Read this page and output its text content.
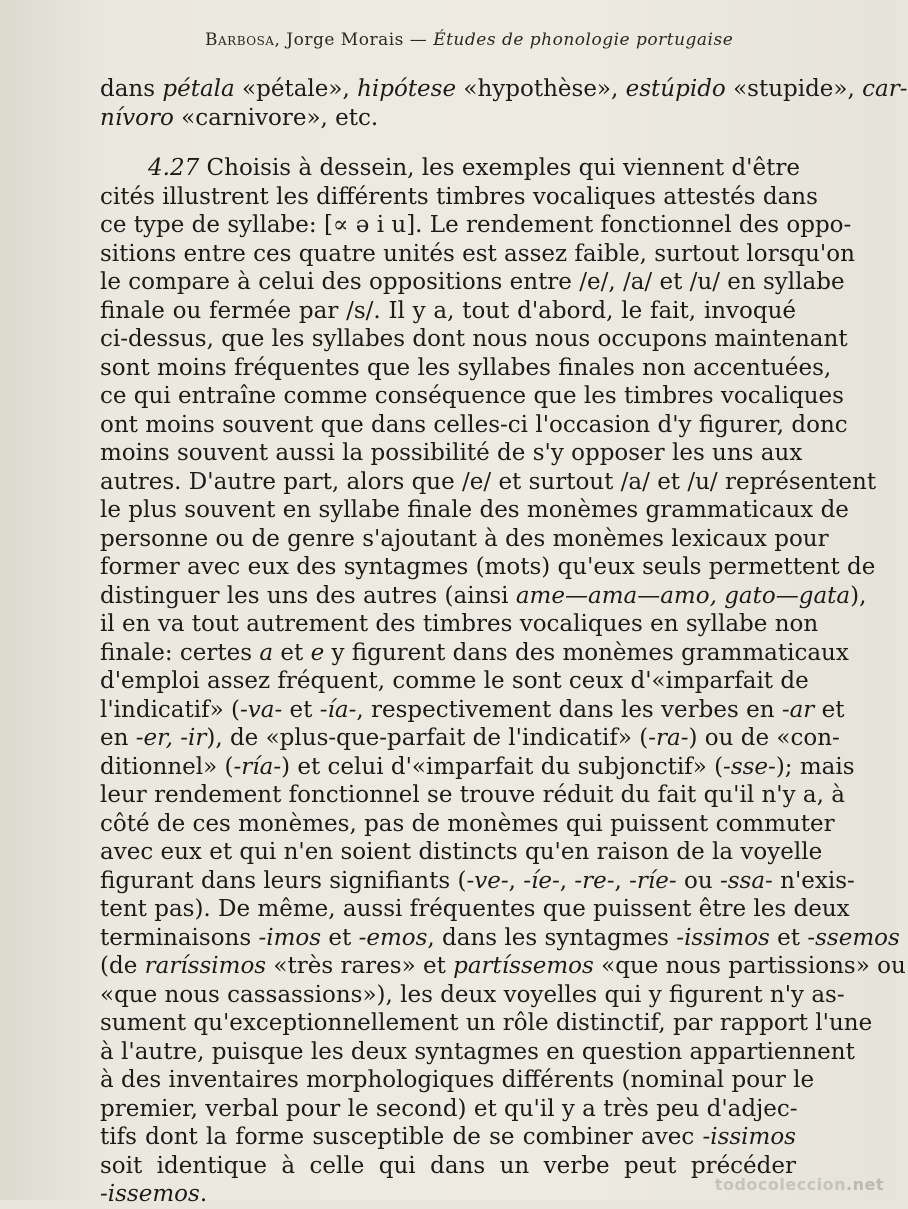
Barbosa, Jorge Morais — Études de phonologie portugaise
dans pétala «pétale», hipótese «hypothèse», estúpido «stupide», car-
nívoro «carnivore», etc.
4.27 Choisis à dessein, les exemples qui viennent d'être
cités illustrent les différents timbres vocaliques attestés dans
ce type de syllabe: [∝ ə i u]. Le rendement fonctionnel des oppo-
sitions entre ces quatre unités est assez faible, surtout lorsqu'on
le compare à celui des oppositions entre /e/, /a/ et /u/ en syllabe
finale ou fermée par /s/. Il y a, tout d'abord, le fait, invoqué
ci-dessus, que les syllabes dont nous nous occupons maintenant
sont moins fréquentes que les syllabes finales non accentuées,
ce qui entraîne comme conséquence que les timbres vocaliques
ont moins souvent que dans celles-ci l'occasion d'y figurer, donc
moins souvent aussi la possibilité de s'y opposer les uns aux
autres. D'autre part, alors que /e/ et surtout /a/ et /u/ représentent
le plus souvent en syllabe finale des monèmes grammaticaux de
personne ou de genre s'ajoutant à des monèmes lexicaux pour
former avec eux des syntagmes (mots) qu'eux seuls permettent de
distinguer les uns des autres (ainsi ame—ama—amo, gato—gata),
il en va tout autrement des timbres vocaliques en syllabe non
finale: certes a et e y figurent dans des monèmes grammaticaux
d'emploi assez fréquent, comme le sont ceux d'«imparfait de
l'indicatif» (-va- et -ía-, respectivement dans les verbes en -ar et
en -er, -ir), de «plus-que-parfait de l'indicatif» (-ra-) ou de «con-
ditionnel» (-ría-) et celui d'«imparfait du subjonctif» (-sse-); mais
leur rendement fonctionnel se trouve réduit du fait qu'il n'y a, à
côté de ces monèmes, pas de monèmes qui puissent commuter
avec eux et qui n'en soient distincts qu'en raison de la voyelle
figurant dans leurs signifiants (-ve-, -íe-, -re-, -ríe- ou -ssa- n'exis-
tent pas). De même, aussi fréquentes que puissent être les deux
terminaisons -imos et -emos, dans les syntagmes -issimos et -ssemos
(de raríssimos «très rares» et partíssemos «que nous partissions» ou
«que nous cassassions»), les deux voyelles qui y figurent n'y as-
sument qu'exceptionnellement un rôle distinctif, par rapport l'une
à l'autre, puisque les deux syntagmes en question appartiennent
à des inventaires morphologiques différents (nominal pour le
premier, verbal pour le second) et qu'il y a très peu d'adjec-
tifs dont la forme susceptible de se combiner avec -issimos
soit identique à celle qui dans un verbe peut précéder
-issemos.	todocoleccion.net
